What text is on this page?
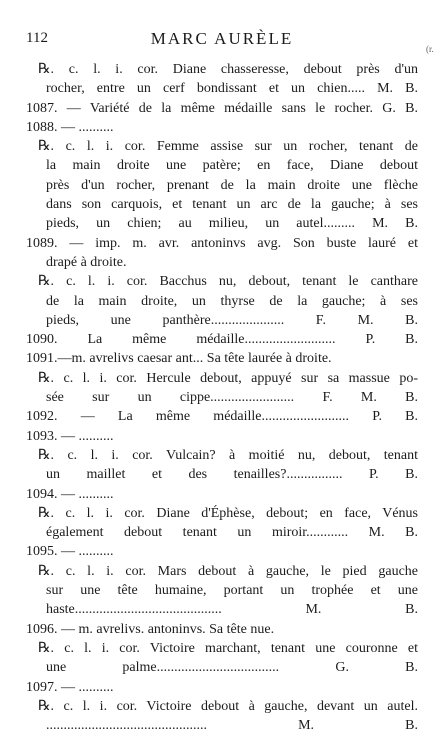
112	MARC AURÈLE
(r.
℞. c. l. i. cor. Diane chasseresse, debout près d'un
rocher, entre un cerf bondissant et un chien..... M. B.
1087. — Variété de la même médaille sans le rocher. G. B.
1088. — ..........
℞. c. l. i. cor. Femme assise sur un rocher, tenant de
la main droite une patère; en face, Diane debout
près d'un rocher, prenant de la main droite une flèche
dans son carquois, et tenant un arc de la gauche; à ses
pieds, un chien; au milieu, un autel......... M. B.
1089. — imp. m. avr. antoninvs avg. Son buste lauré et
drapé à droite.
℞. c. l. i. cor. Bacchus nu, debout, tenant le canthare
de la main droite, un thyrse de la gauche; à ses
pieds, une panthère..................... F. M. B.
1090. La même médaille.......................... P. B.
1091.—m. avrelivs caesar ant... Sa tête laurée à droite.
℞. c. l. i. cor. Hercule debout, appuyé sur sa massue po-
sée sur un cippe........................ F. M. B.
1092. — La même médaille......................... P. B.
1093. — ..........
℞. c. l. i. cor. Vulcain? à moitié nu, debout, tenant
un maillet et des tenailles?................ P. B.
1094. — ..........
℞. c. l. i. cor. Diane d'Éphèse, debout; en face, Vénus
également debout tenant un miroir............ M. B.
1095. — ..........
℞. c. l. i. cor. Mars debout à gauche, le pied gauche
sur une tête humaine, portant un trophée et une
haste.......................................... M. B.
1096. — m. avrelivs. antoninvs. Sa tête nue.
℞. c. l. i. cor. Victoire marchant, tenant une couronne et
une palme................................... G. B.
1097. — ..........
℞. c. l. i. cor. Victoire debout à gauche, devant un autel.
.............................................. M. B.
